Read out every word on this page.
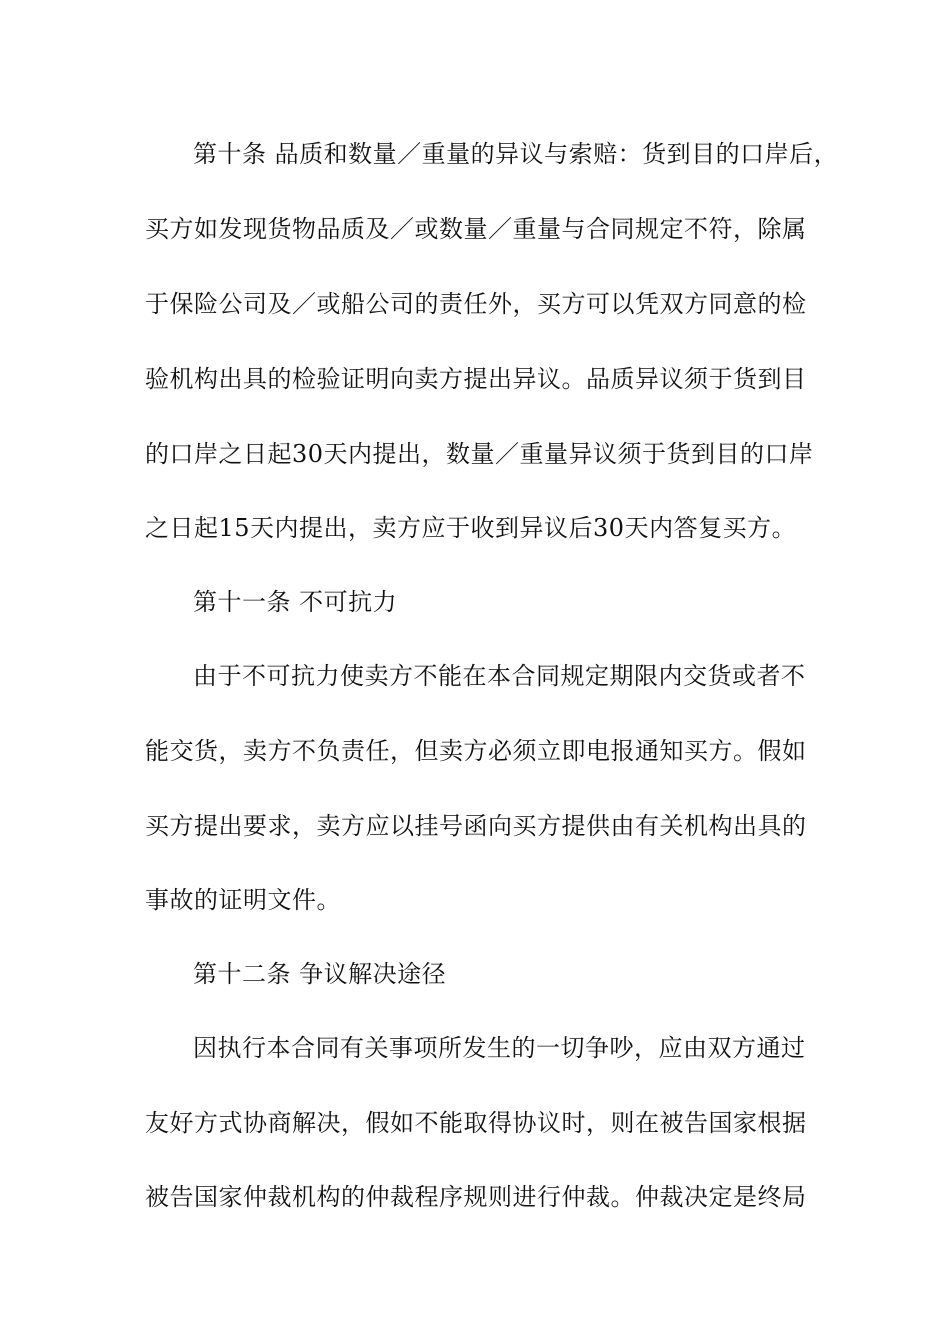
第十条 品质和数量／重量的异议与索赔：货到目的口岸后，
买方如发现货物品质及／或数量／重量与合同规定不符，除属
于保险公司及／或船公司的责任外，买方可以凭双方同意的检
验机构出具的检验证明向卖方提出异议。品质异议须于货到目
的口岸之日起30天内提出，数量／重量异议须于货到目的口岸
之日起15天内提出，卖方应于收到异议后30天内答复买方。
第十一条 不可抗力
由于不可抗力使卖方不能在本合同规定期限内交货或者不
能交货，卖方不负责任，但卖方必须立即电报通知买方。假如
买方提出要求，卖方应以挂号函向买方提供由有关机构出具的
事故的证明文件。
第十二条 争议解决途径
因执行本合同有关事项所发生的一切争吵，应由双方通过
友好方式协商解决，假如不能取得协议时，则在被告国家根据
被告国家仲裁机构的仲裁程序规则进行仲裁。仲裁决定是终局
